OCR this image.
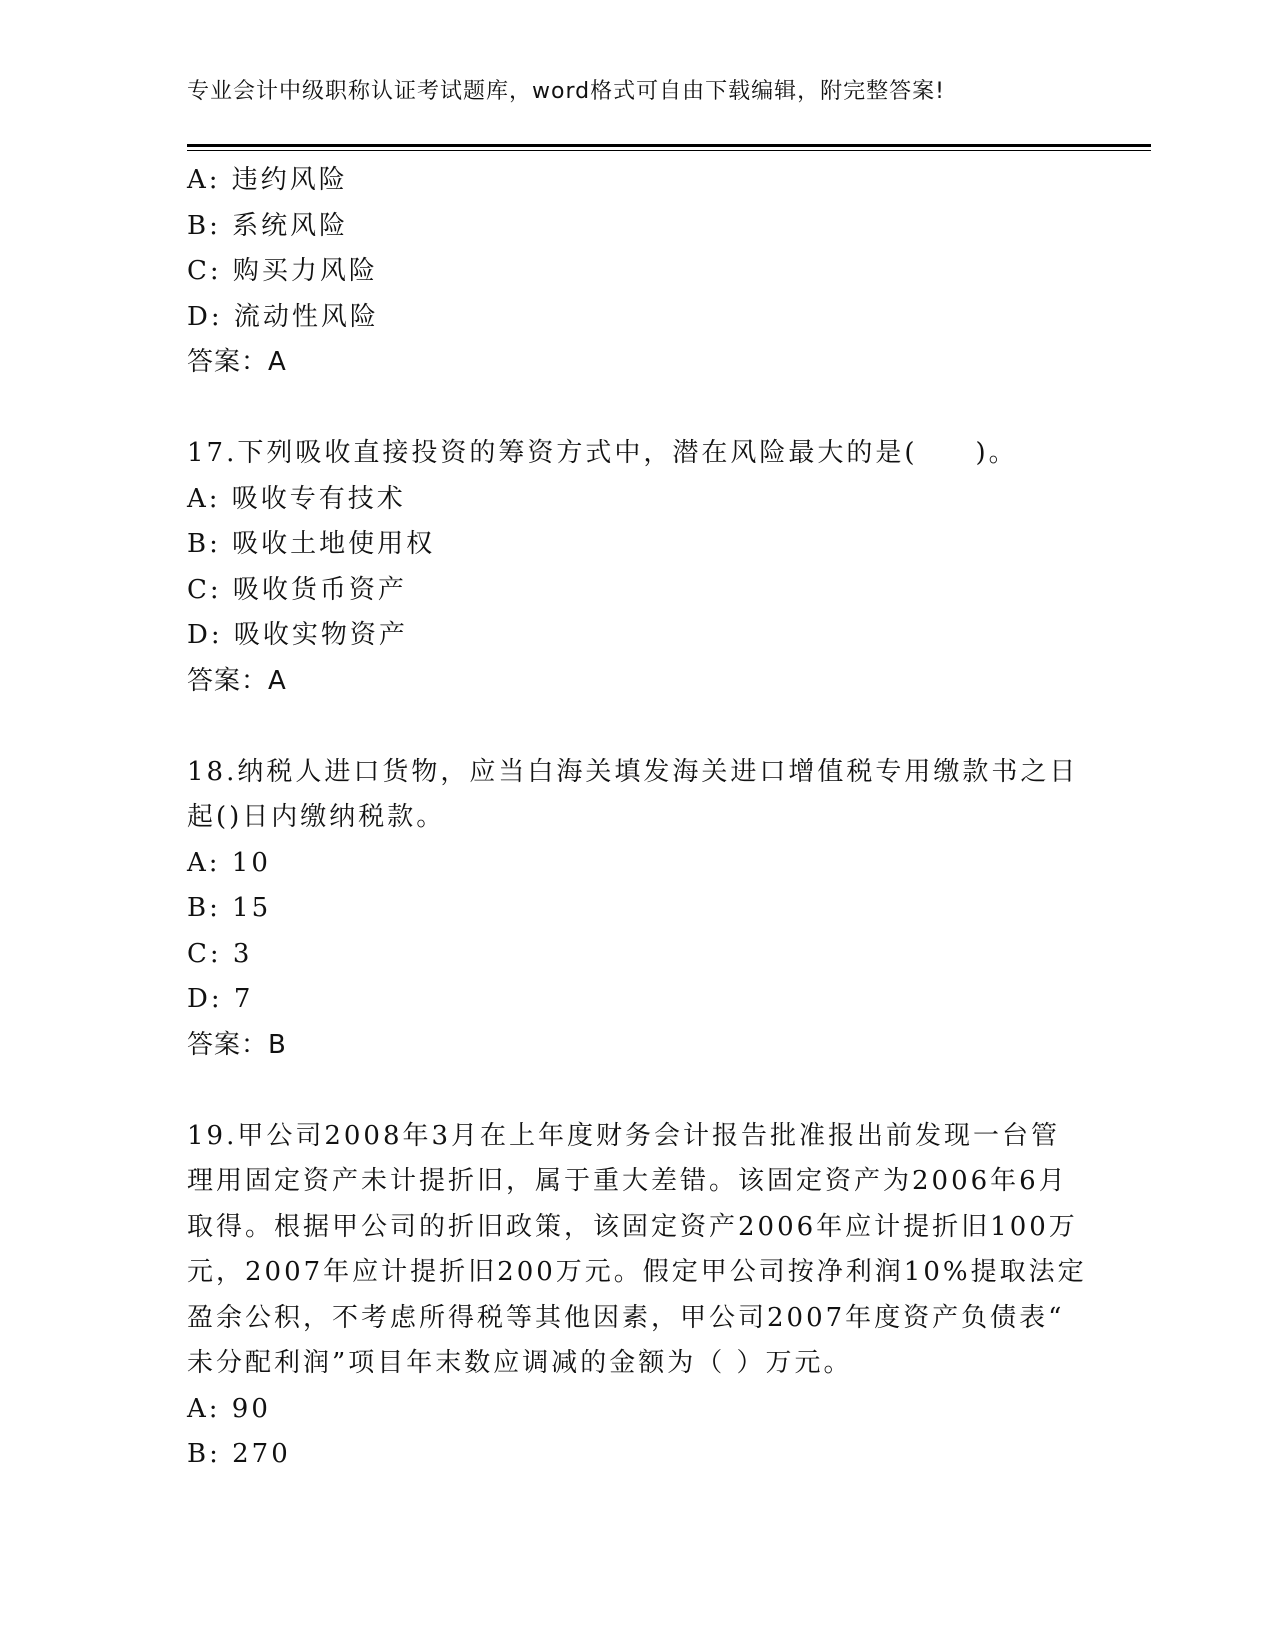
专业会计中级职称认证考试题库，word格式可自由下载编辑，附完整答案!
A: 违约风险
B: 系统风险
C: 购买力风险
D: 流动性风险
答案：A
17.下列吸收直接投资的筹资方式中，潜在风险最大的是(　　)。
A: 吸收专有技术
B: 吸收土地使用权
C: 吸收货币资产
D: 吸收实物资产
答案：A
18.纳税人进口货物，应当白海关填发海关进口增值税专用缴款书之日
起()日内缴纳税款。
A: 10
B: 15
C: 3
D: 7
答案：B
19.甲公司2008年3月在上年度财务会计报告批准报出前发现一台管
理用固定资产未计提折旧，属于重大差错。该固定资产为2006年6月
取得。根据甲公司的折旧政策，该固定资产2006年应计提折旧100万
元，2007年应计提折旧200万元。假定甲公司按净利润10%提取法定
盈余公积，不考虑所得税等其他因素，甲公司2007年度资产负债表“
未分配利润”项目年末数应调减的金额为（ ）万元。
A: 90
B: 270
